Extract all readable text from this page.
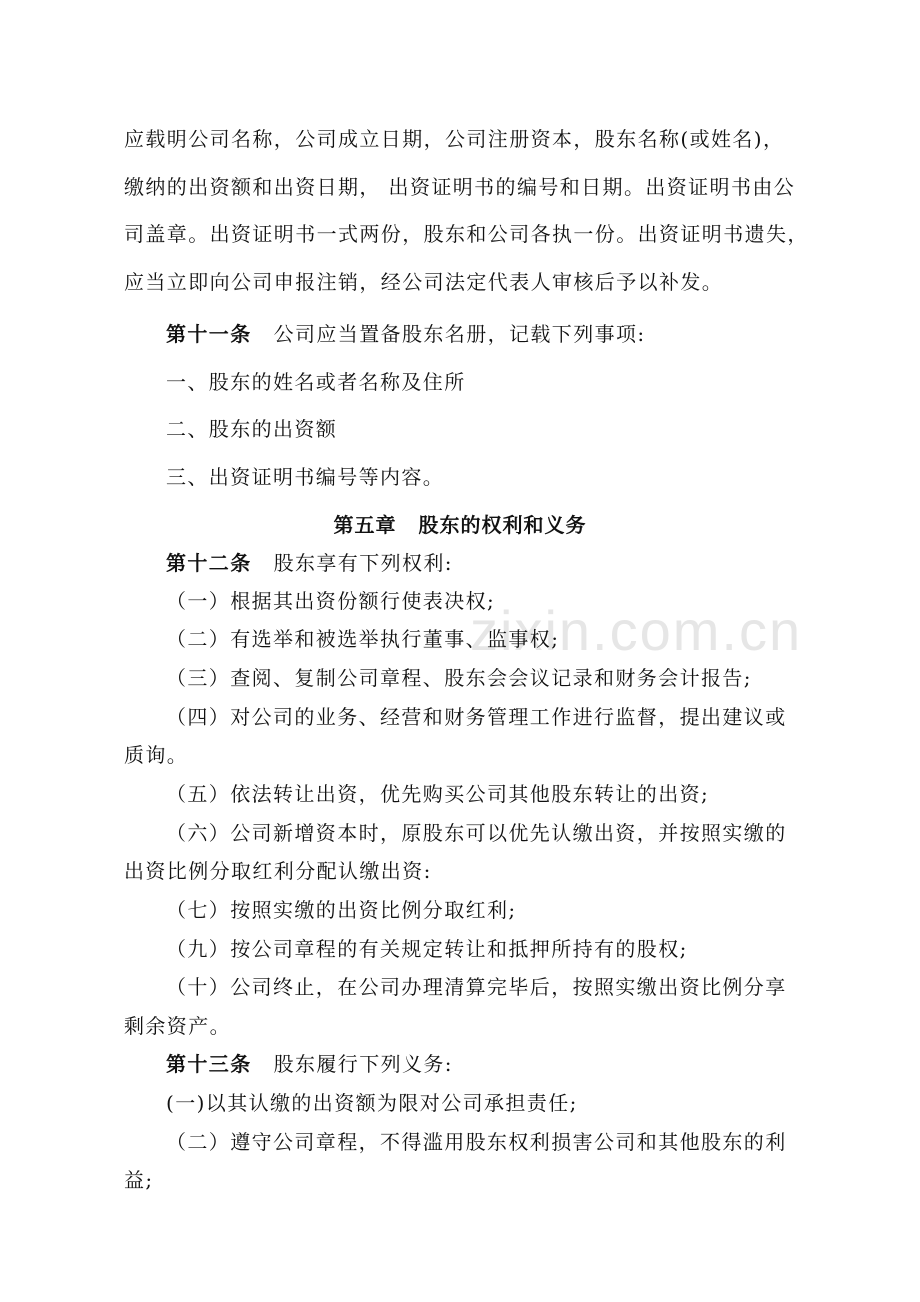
zixin.com.cn
应载明公司名称，公司成立日期，公司注册资本，股东名称(或姓名)，
缴纳的出资额和出资日期， 出资证明书的编号和日期。出资证明书由公
司盖章。出资证明书一式两份，股东和公司各执一份。出资证明书遗失，
应当立即向公司申报注销，经公司法定代表人审核后予以补发。
第十一条 公司应当置备股东名册，记载下列事项:
一、股东的姓名或者名称及住所
二、股东的出资额
三、出资证明书编号等内容。
第五章 股东的权利和义务
第十二条 股东享有下列权利:
（一）根据其出资份额行使表决权;
（二）有选举和被选举执行董事、监事权;
（三）查阅、复制公司章程、股东会会议记录和财务会计报告;
（四）对公司的业务、经营和财务管理工作进行监督，提出建议或
质询。
（五）依法转让出资，优先购买公司其他股东转让的出资;
（六）公司新增资本时，原股东可以优先认缴出资，并按照实缴的
出资比例分取红利分配认缴出资:
（七）按照实缴的出资比例分取红利;
（九）按公司章程的有关规定转让和抵押所持有的股权;
（十）公司终止，在公司办理清算完毕后，按照实缴出资比例分享
剩余资产。
第十三条 股东履行下列义务:
(一)以其认缴的出资额为限对公司承担责任;
（二）遵守公司章程，不得滥用股东权利损害公司和其他股东的利
益;
